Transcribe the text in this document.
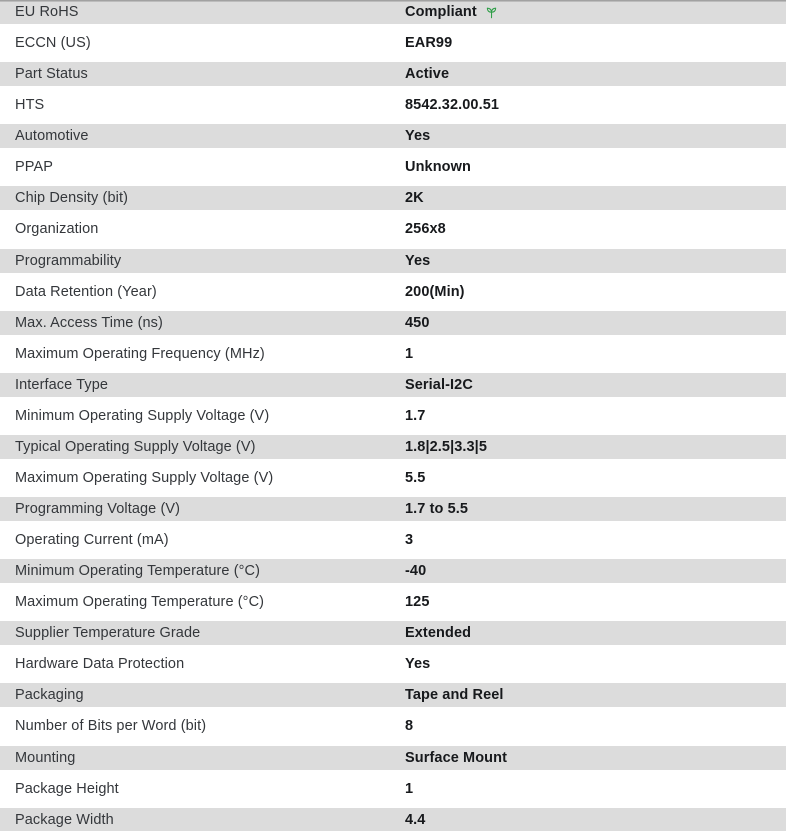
EU RoHS	Compliant
ECCN (US)	EAR99
Part Status	Active
HTS	8542.32.00.51
Automotive	Yes
PPAP	Unknown
Chip Density (bit)	2K
Organization	256x8
Programmability	Yes
Data Retention (Year)	200(Min)
Max. Access Time (ns)	450
Maximum Operating Frequency (MHz)	1
Interface Type	Serial-I2C
Minimum Operating Supply Voltage (V)	1.7
Typical Operating Supply Voltage (V)	1.8|2.5|3.3|5
Maximum Operating Supply Voltage (V)	5.5
Programming Voltage (V)	1.7 to 5.5
Operating Current (mA)	3
Minimum Operating Temperature (°C)	-40
Maximum Operating Temperature (°C)	125
Supplier Temperature Grade	Extended
Hardware Data Protection	Yes
Packaging	Tape and Reel
Number of Bits per Word (bit)	8
Mounting	Surface Mount
Package Height	1
Package Width	4.4
